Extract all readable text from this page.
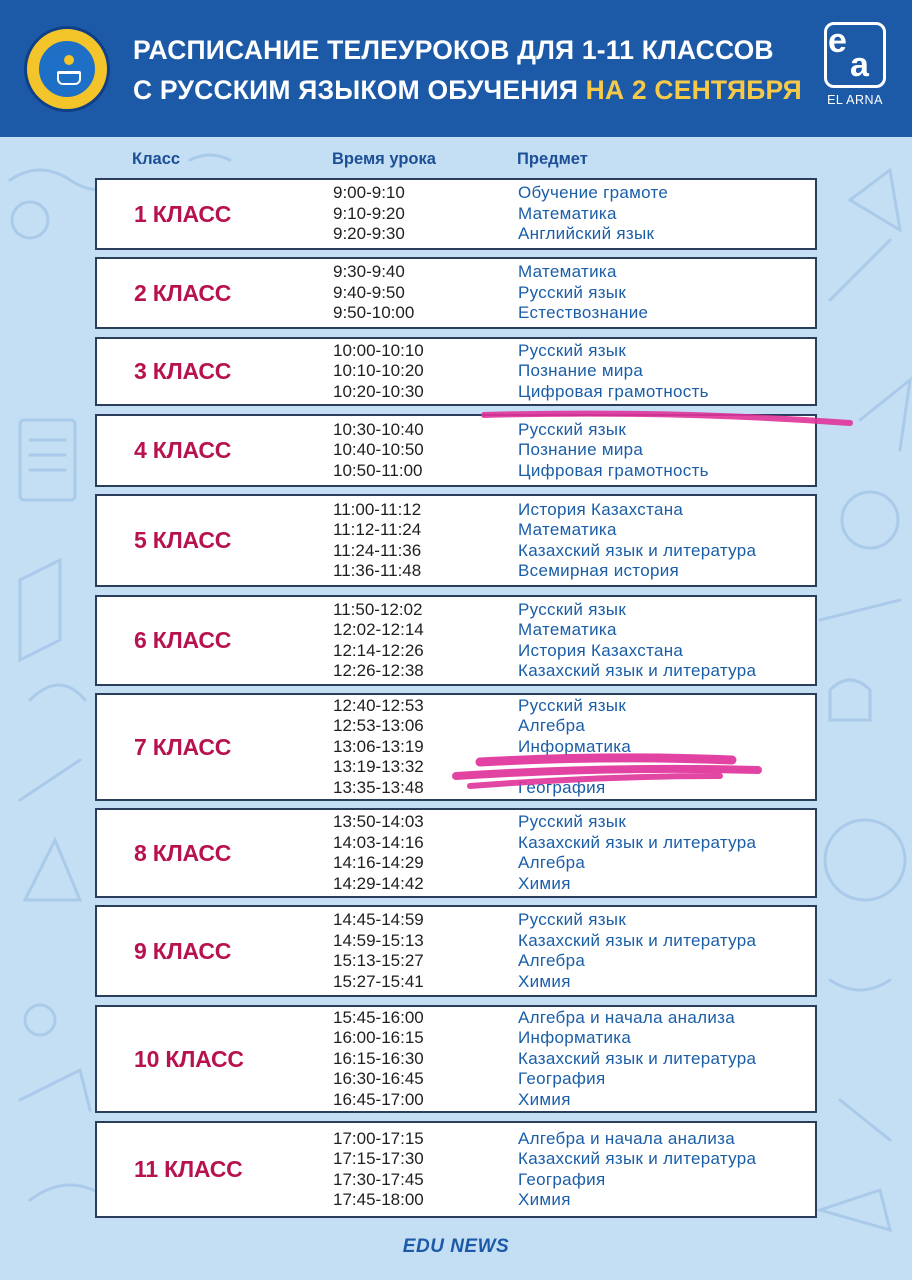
РАСПИСАНИЕ ТЕЛЕУРОКОВ ДЛЯ 1-11 КЛАССОВ
С РУССКИМ ЯЗЫКОМ ОБУЧЕНИЯ НА 2 СЕНТЯБРЯ
e
a
EL ARNA
Класс	Время урока	Предмет
1 КЛАСС
9:00-9:10
9:10-9:20
9:20-9:30
Обучение грамоте
Математика
Английский язык
2 КЛАСС
9:30-9:40
9:40-9:50
9:50-10:00
Математика
Русский язык
Естествознание
3 КЛАСС
10:00-10:10
10:10-10:20
10:20-10:30
Русский язык
Познание мира
Цифровая грамотность
4 КЛАСС
10:30-10:40
10:40-10:50
10:50-11:00
Русский язык
Познание мира
Цифровая грамотность
5 КЛАСС
11:00-11:12
11:12-11:24
11:24-11:36
11:36-11:48
История Казахстана
Математика
Казахский язык и литература
Всемирная история
6 КЛАСС
11:50-12:02
12:02-12:14
12:14-12:26
12:26-12:38
Русский язык
Математика
История Казахстана
Казахский язык и литература
7 КЛАСС
12:40-12:53
12:53-13:06
13:06-13:19
13:19-13:32
13:35-13:48
Русский язык
Алгебра
Информатика
География
8 КЛАСС
13:50-14:03
14:03-14:16
14:16-14:29
14:29-14:42
Русский язык
Казахский язык и литература
Алгебра
Химия
9 КЛАСС
14:45-14:59
14:59-15:13
15:13-15:27
15:27-15:41
Русский язык
Казахский язык и литература
Алгебра
Химия
10 КЛАСС
15:45-16:00
16:00-16:15
16:15-16:30
16:30-16:45
16:45-17:00
Алгебра и начала анализа
Информатика
Казахский язык и литература
География
Химия
11 КЛАСС
17:00-17:15
17:15-17:30
17:30-17:45
17:45-18:00
Алгебра и начала анализа
Казахский язык и литература
География
Химия
EDU NEWS
